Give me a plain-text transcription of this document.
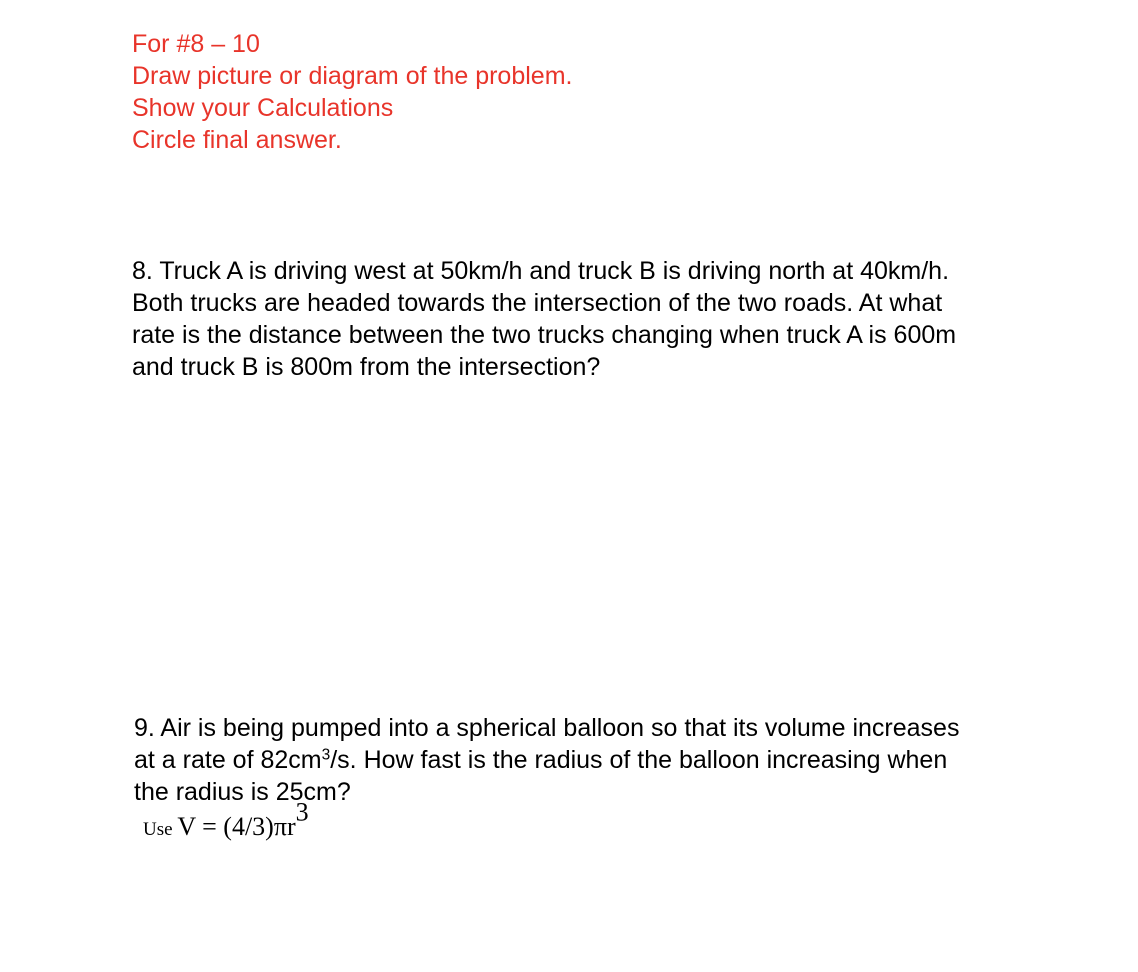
For #8 – 10
Draw picture or diagram of the problem.
Show your Calculations
Circle final answer.
8. Truck A is driving west at 50km/h and truck B is driving north at 40km/h.
Both trucks are headed towards the intersection of the two roads. At what
rate is the distance between the two trucks changing when truck A is 600m
and truck B is 800m from the intersection?
9. Air is being pumped into a spherical balloon so that its volume increases
at a rate of $82cm^3/s$. How fast is the radius of the balloon increasing when
the radius is 25cm?
Use $V = (4/3)\pi r^3$
